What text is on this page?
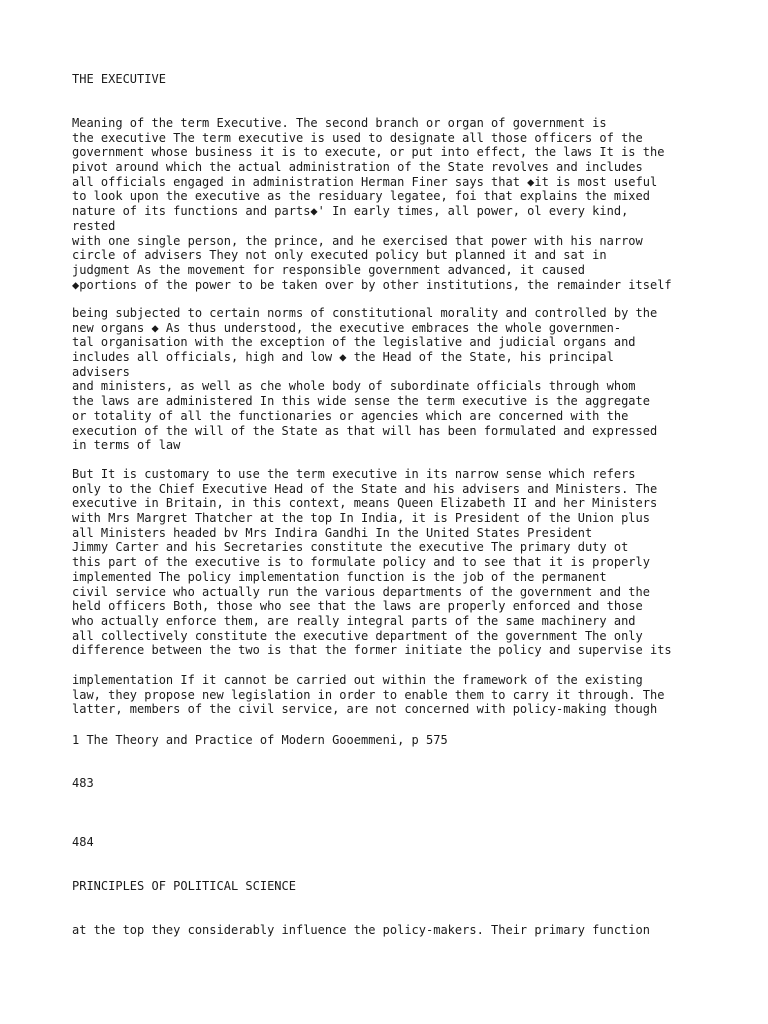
THE EXECUTIVE
Meaning of the term Executive. The second branch or organ of government is
the executive The term executive is used to designate all those officers of the
government whose business it is to execute, or put into effect, the laws It is the
pivot around which the actual administration of the State revolves and includes
all officials engaged in administration Herman Finer says that ◆it is most useful
to look upon the executive as the residuary legatee, foi that explains the mixed
nature of its functions and parts◆' In early times, all power, ol every kind,
rested
with one single person, the prince, and he exercised that power with his narrow
circle of advisers They not only executed policy but planned it and sat in
judgment As the movement for responsible government advanced, it caused
◆portions of the power to be taken over by other institutions, the remainder itself
being subjected to certain norms of constitutional morality and controlled by the
new organs ◆ As thus understood, the executive embraces the whole governmen-
tal organisation with the exception of the legislative and judicial organs and
includes all officials, high and low ◆ the Head of the State, his principal
advisers
and ministers, as well as che whole body of subordinate officials through whom
the laws are administered In this wide sense the term executive is the aggregate
or totality of all the functionaries or agencies which are concerned with the
execution of the will of the State as that will has been formulated and expressed
in terms of law
But It is customary to use the term executive in its narrow sense which refers
only to the Chief Executive Head of the State and his advisers and Ministers. The
executive in Britain, in this context, means Queen Elizabeth II and her Ministers
with Mrs Margret Thatcher at the top In India, it is President of the Union plus
all Ministers headed bv Mrs Indira Gandhi In the United States President
Jimmy Carter and his Secretaries constitute the executive The primary duty ot
this part of the executive is to formulate policy and to see that it is properly
implemented The policy implementation function is the job of the permanent
civil service who actually run the various departments of the government and the
held officers Both, those who see that the laws are properly enforced and those
who actually enforce them, are really integral parts of the same machinery and
all collectively constitute the executive department of the government The only
difference between the two is that the former initiate the policy and supervise its
implementation If it cannot be carried out within the framework of the existing
law, they propose new legislation in order to enable them to carry it through. The
latter, members of the civil service, are not concerned with policy-making though
1 The Theory and Practice of Modern Gooemmeni, p 575
483
484
PRINCIPLES OF POLITICAL SCIENCE
at the top they considerably influence the policy-makers. Their primary function
